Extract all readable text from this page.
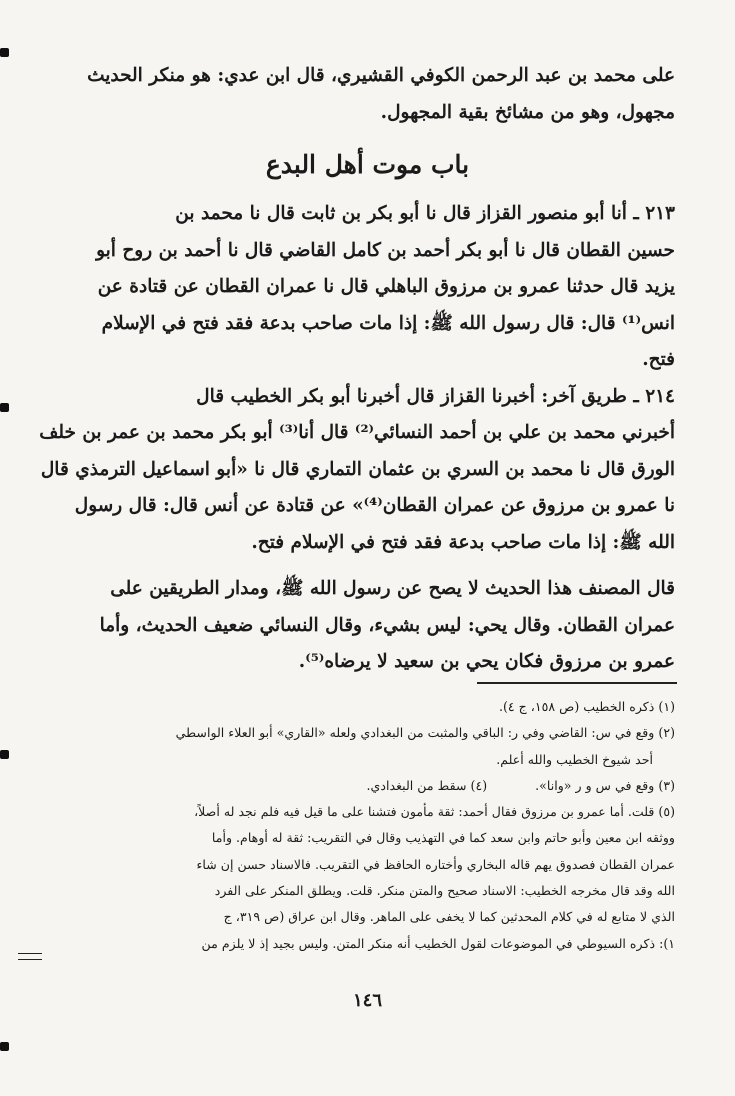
على محمد بن عبد الرحمن الكوفي القشيري، قال ابن عدي: هو منكر الحديث
مجهول، وهو من مشائخ بقية المجهول.
باب موت أهل البدع
٢١٣ ـ أنا أبو منصور القزاز قال نا أبو بكر بن ثابت قال نا محمد بن
حسين القطان قال نا أبو بكر أحمد بن كامل القاضي قال نا أحمد بن روح أبو
يزيد قال حدثنا عمرو بن مرزوق الباهلي قال نا عمران القطان عن قتادة عن
انس⁽¹⁾ قال: قال رسول الله ﷺ: إذا مات صاحب بدعة فقد فتح في الإسلام
فتح.
٢١٤ ـ طريق آخر: أخبرنا القزاز قال أخبرنا أبو بكر الخطيب قال
أخبرني محمد بن علي بن أحمد النسائي⁽²⁾ قال أنا⁽³⁾ أبو بكر محمد بن عمر بن خلف
الورق قال نا محمد بن السري بن عثمان التماري قال نا «أبو اسماعيل الترمذي قال
نا عمرو بن مرزوق عن عمران القطان⁽⁴⁾» عن قتادة عن أنس قال: قال رسول
الله ﷺ: إذا مات صاحب بدعة فقد فتح في الإسلام فتح.
قال المصنف هذا الحديث لا يصح عن رسول الله ﷺ، ومدار الطريقين على
عمران القطان. وقال يحي: ليس بشيء، وقال النسائي ضعيف الحديث، وأما
عمرو بن مرزوق فكان يحي بن سعيد لا يرضاه⁽⁵⁾.
(١) ذكره الخطيب (ص ١٥٨، ج ٤).
(٢) وقع في س: القاضي وفي ر: الباقي والمثبت من البغدادي ولعله «القاري» أبو العلاء الواسطي
أحد شيوخ الخطيب والله أعلم.
(٣) وقع في س و ر «وانا».            (٤) سقط من البغدادي.
(٥) قلت. أما عمرو بن مرزوق فقال أحمد: ثقة مأمون فتشنا على ما قيل فيه فلم نجد له أصلاً،
ووثقه ابن معين وأبو حاتم وابن سعد كما في التهذيب وقال في التقريب: ثقة له أوهام. وأما
عمران القطان فصدوق يهم قاله البخاري وأختاره الحافظ في التقريب. فالاسناد حسن إن شاء
الله وقد قال مخرجه الخطيب: الاسناد صحيح والمتن منكر. قلت. ويطلق المنكر على الفرد
الذي لا متابع له في كلام المحدثين كما لا يخفى على الماهر. وقال ابن عراق (ص ٣١٩، ج
١): ذكره السيوطي في الموضوعات لقول الخطيب أنه منكر المتن. وليس بجيد إذ لا يلزم من
١٤٦
